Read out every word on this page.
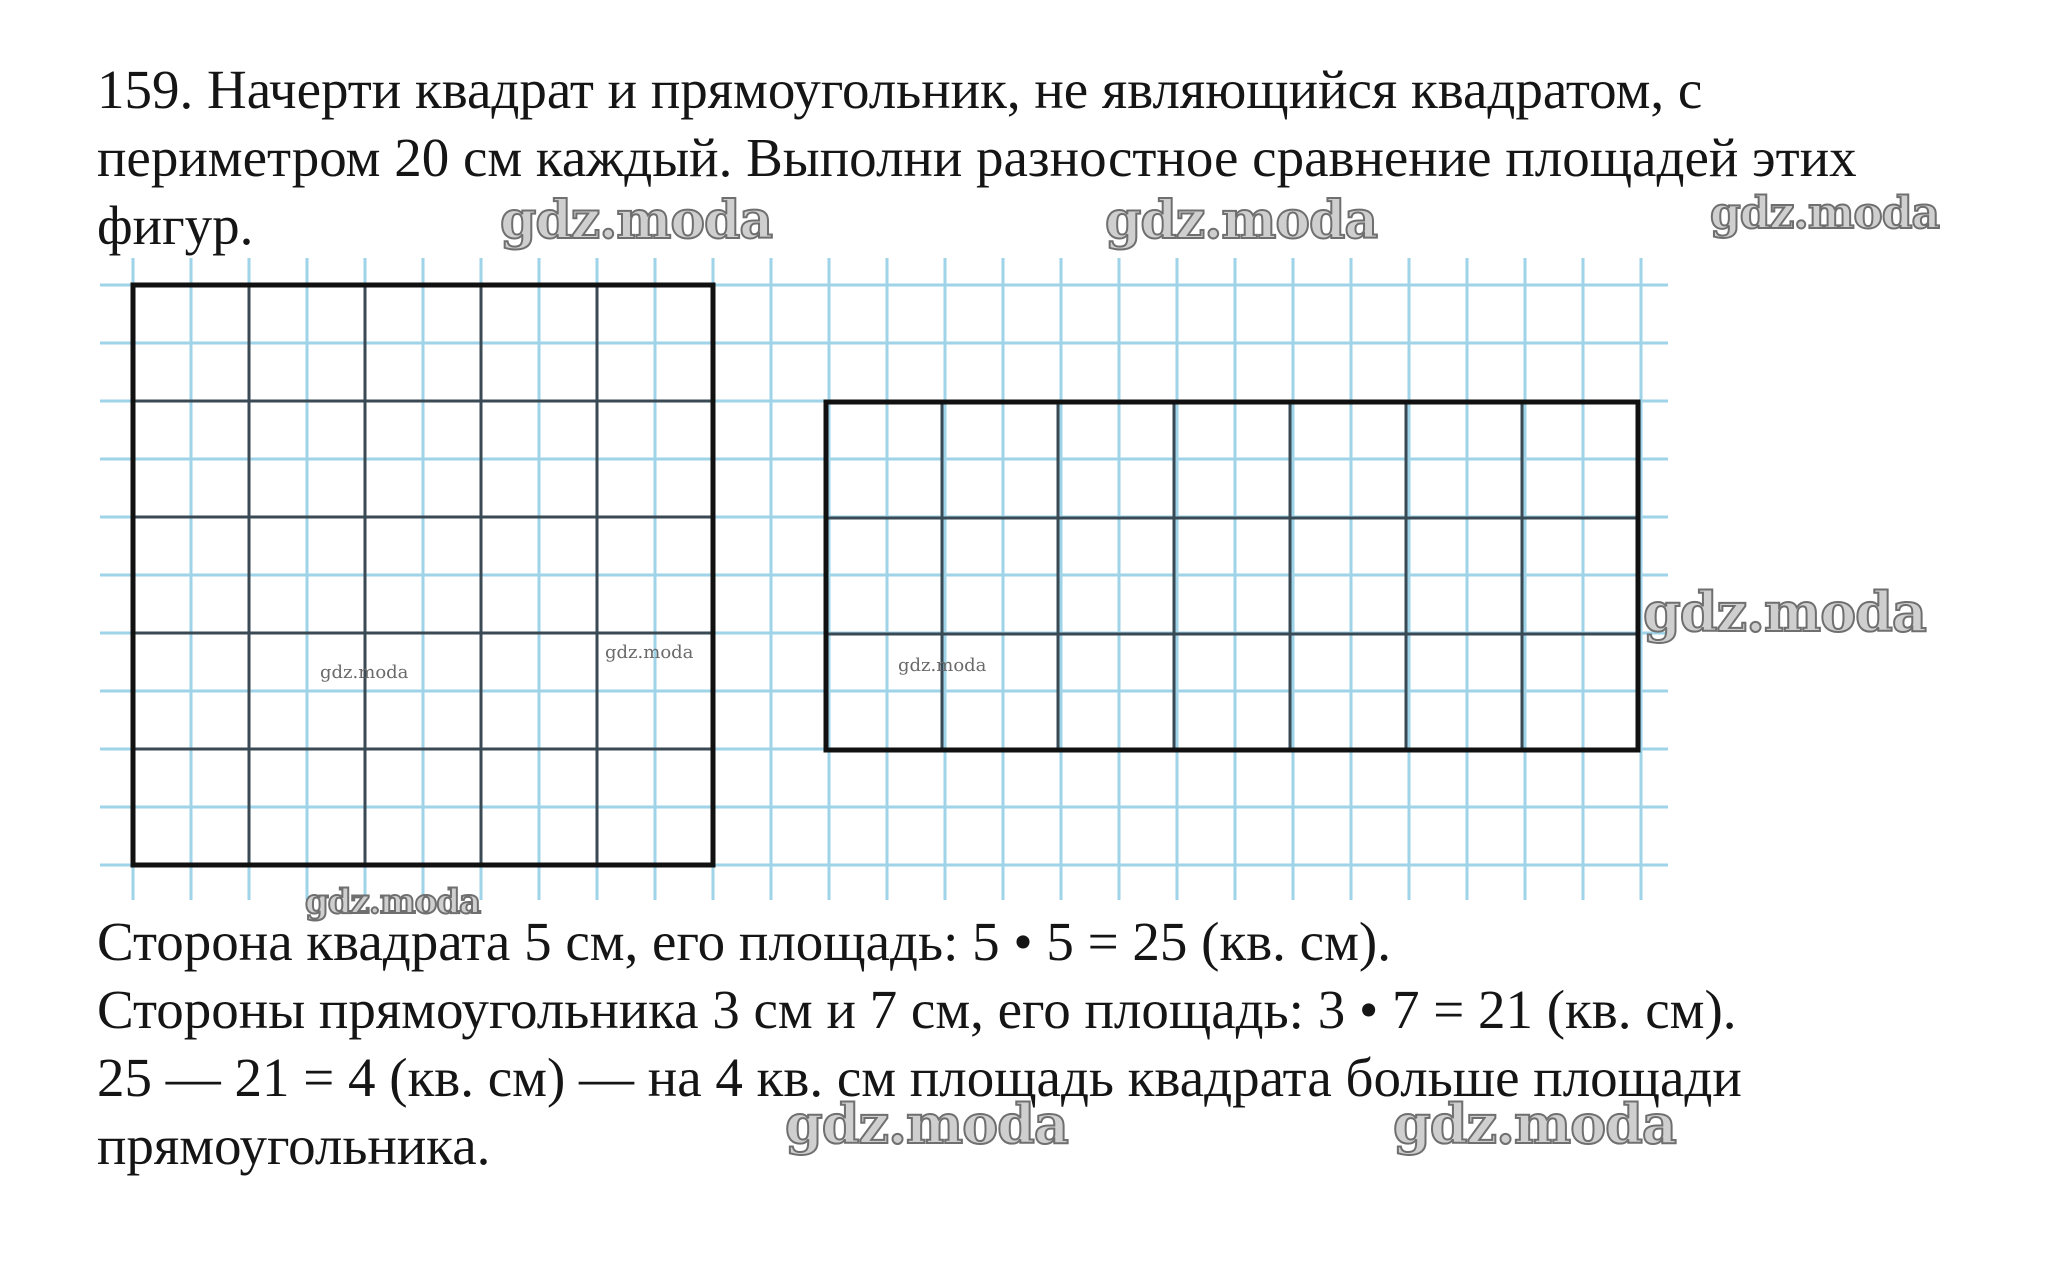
159. Начерти квадрат и прямоугольник, не являющийся квадратом, с
периметром 20 см каждый. Выполни разностное сравнение площадей этих
фигур.
Сторона квадрата 5 см, его площадь: 5 • 5 = 25 (кв. см).
Стороны прямоугольника 3 см и 7 см, его площадь: 3 • 7 = 21 (кв. см).
25 — 21 = 4 (кв. см) — на 4 кв. см площадь квадрата больше площади
прямоугольника.
gdz.moda	gdz.moda	gdz.moda
gdz.moda
gdz.moda
gdz.moda	gdz.moda
gdz.moda
gdz.moda
gdz.moda
